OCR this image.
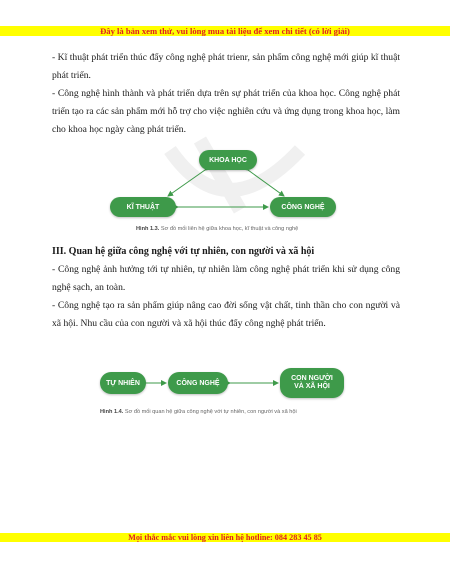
Đây là bản xem thử, vui lòng mua tài liệu để xem chi tiết (có lời giải)
- Kĩ thuật phát triển thúc đẩy công nghệ phát trienr, sản phẩm công nghệ mới giúp kĩ thuật phát triển.
- Công nghệ hình thành và phát triển dựa trên sự phát triển của khoa học. Công nghệ phát triển tạo ra các sản phẩm mới hỗ trợ cho việc nghiên cứu và ứng dụng trong khoa học, làm cho khoa học ngày càng phát triển.
KHOA HỌC
KĨ THUẬT	CÔNG NGHỆ
Hình 1.3. Sơ đồ mối liên hệ giữa khoa học, kĩ thuật và công nghệ
III. Quan hệ giữa công nghệ với tự nhiên, con người và xã hội
- Công nghệ ảnh hưởng tới tự nhiên, tự nhiên làm công nghệ phát triển khi sử dụng công nghệ sạch, an toàn.
- Công nghệ tạo ra sản phẩm giúp nâng cao đời sống vật chất, tinh thần cho con người và xã hội. Nhu cầu của con người và xã hội thúc đẩy công nghệ phát triển.
TỰ NHIÊN	CÔNG NGHỆ
CON NGƯỜI
VÀ XÃ HỘI
Hình 1.4. Sơ đồ mối quan hệ giữa công nghệ với tự nhiên, con người và xã hội
Mọi thắc mắc vui lòng xin liên hệ hotline: 084 283 45 85
